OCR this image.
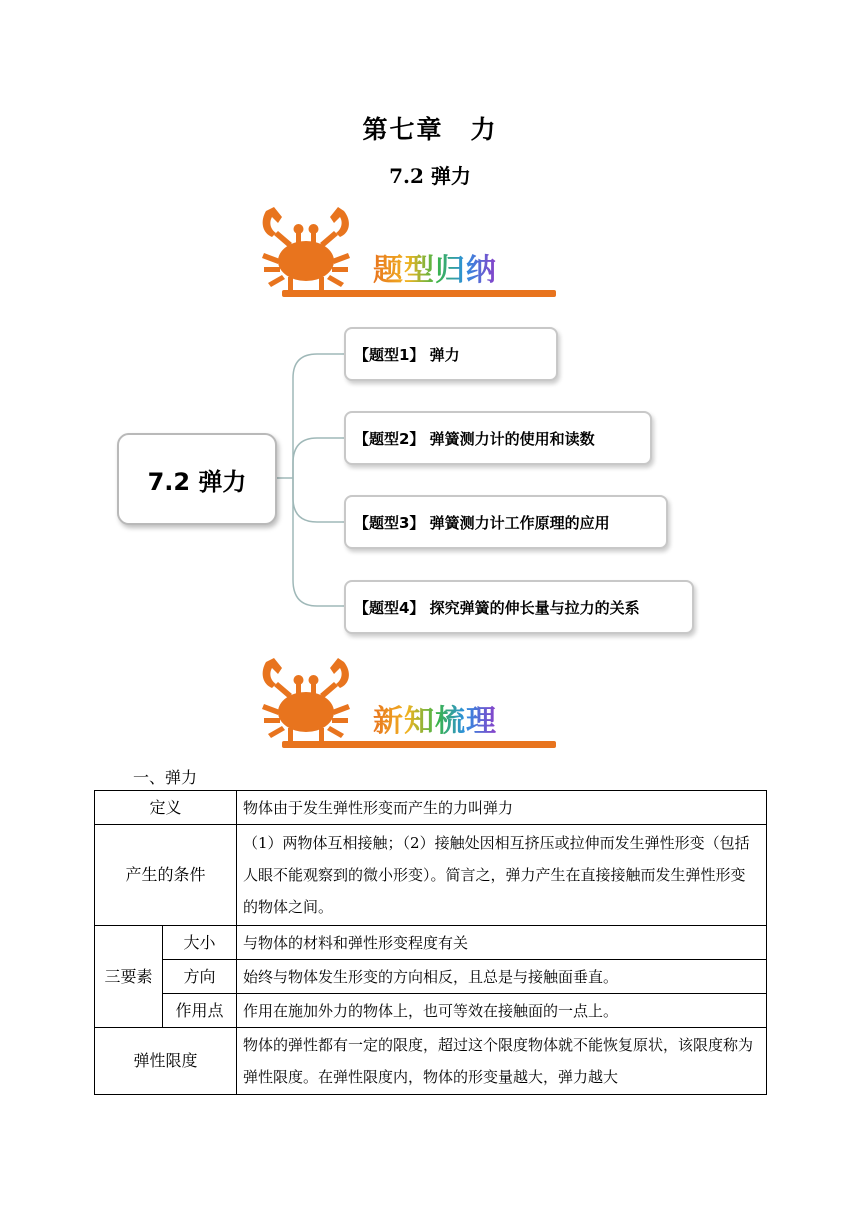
第七章　力
7.2 弹力
题型归纳
7.2 弹力
【题型1】 弹力
【题型2】 弹簧测力计的使用和读数
【题型3】 弹簧测力计工作原理的应用
【题型4】 探究弹簧的伸长量与拉力的关系
新知梳理
一、弹力
定义		物体由于发生弹性形变而产生的力叫弹力
产生的条件		（1）两物体互相接触；（2）接触处因相互挤压或拉伸而发生弹性形变（包括人眼不能观察到的微小形变）。简言之，弹力产生在直接接触而发生弹性形变的物体之间。
三要素	大小	与物体的材料和弹性形变程度有关
	方向	始终与物体发生形变的方向相反，且总是与接触面垂直。
	作用点	作用在施加外力的物体上，也可等效在接触面的一点上。
弹性限度		物体的弹性都有一定的限度，超过这个限度物体就不能恢复原状，该限度称为弹性限度。在弹性限度内，物体的形变量越大，弹力越大
